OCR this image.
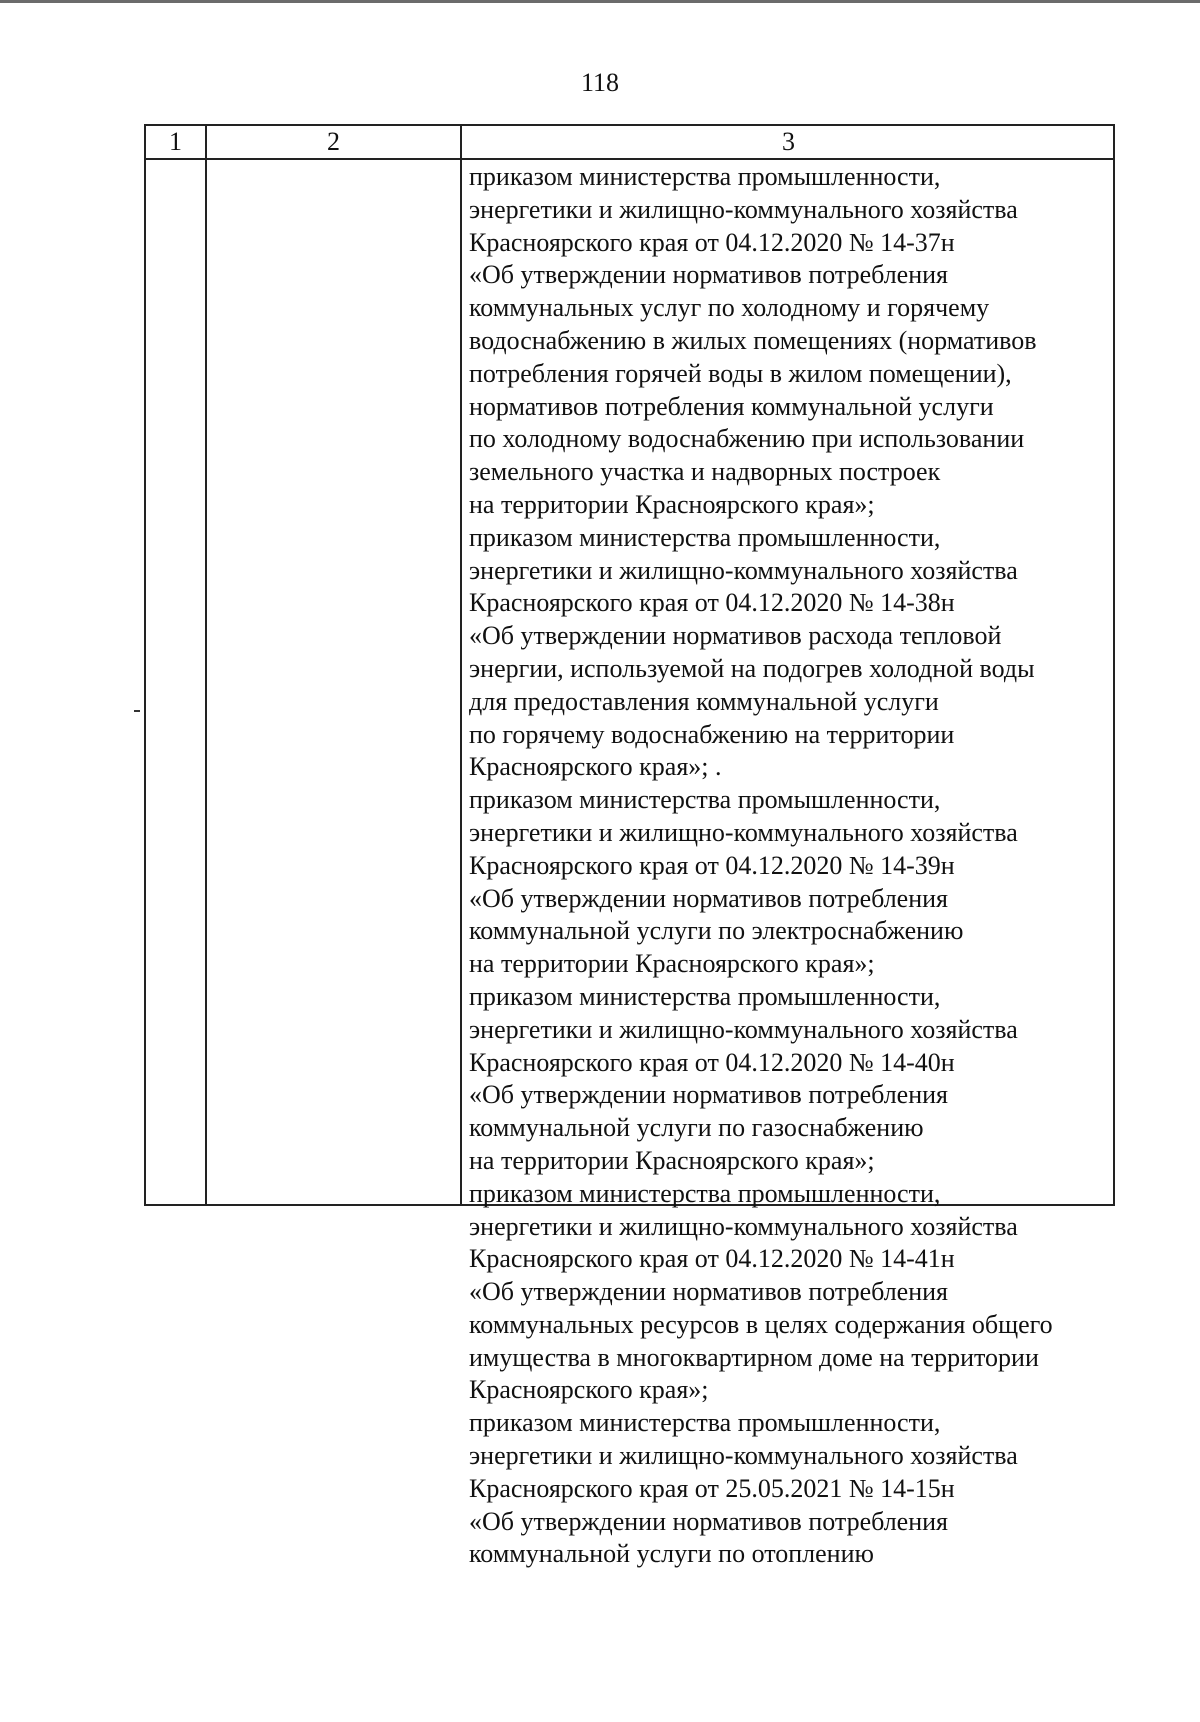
118
1	2	3
приказом министерства промышленности,
энергетики и жилищно-коммунального хозяйства
Красноярского края от 04.12.2020 № 14-37н
«Об утверждении нормативов потребления
коммунальных услуг по холодному и горячему
водоснабжению в жилых помещениях (нормативов
потребления горячей воды в жилом помещении),
нормативов потребления коммунальной услуги
по холодному водоснабжению при использовании
земельного участка и надворных построек
на территории Красноярского края»;
приказом министерства промышленности,
энергетики и жилищно-коммунального хозяйства
Красноярского края от 04.12.2020 № 14-38н
«Об утверждении нормативов расхода тепловой
энергии, используемой на подогрев холодной воды
для предоставления коммунальной услуги
по горячему водоснабжению на территории
Красноярского края»; .
приказом министерства промышленности,
энергетики и жилищно-коммунального хозяйства
Красноярского края от 04.12.2020 № 14-39н
«Об утверждении нормативов потребления
коммунальной услуги по электроснабжению
на территории Красноярского края»;
приказом министерства промышленности,
энергетики и жилищно-коммунального хозяйства
Красноярского края от 04.12.2020 № 14-40н
«Об утверждении нормативов потребления
коммунальной услуги по газоснабжению
на территории Красноярского края»;
приказом министерства промышленности,
энергетики и жилищно-коммунального хозяйства
Красноярского края от 04.12.2020 № 14-41н
«Об утверждении нормативов потребления
коммунальных ресурсов в целях содержания общего
имущества в многоквартирном доме на территории
Красноярского края»;
приказом министерства промышленности,
энергетики и жилищно-коммунального хозяйства
Красноярского края от 25.05.2021 № 14-15н
«Об утверждении нормативов потребления
коммунальной услуги по отоплению
